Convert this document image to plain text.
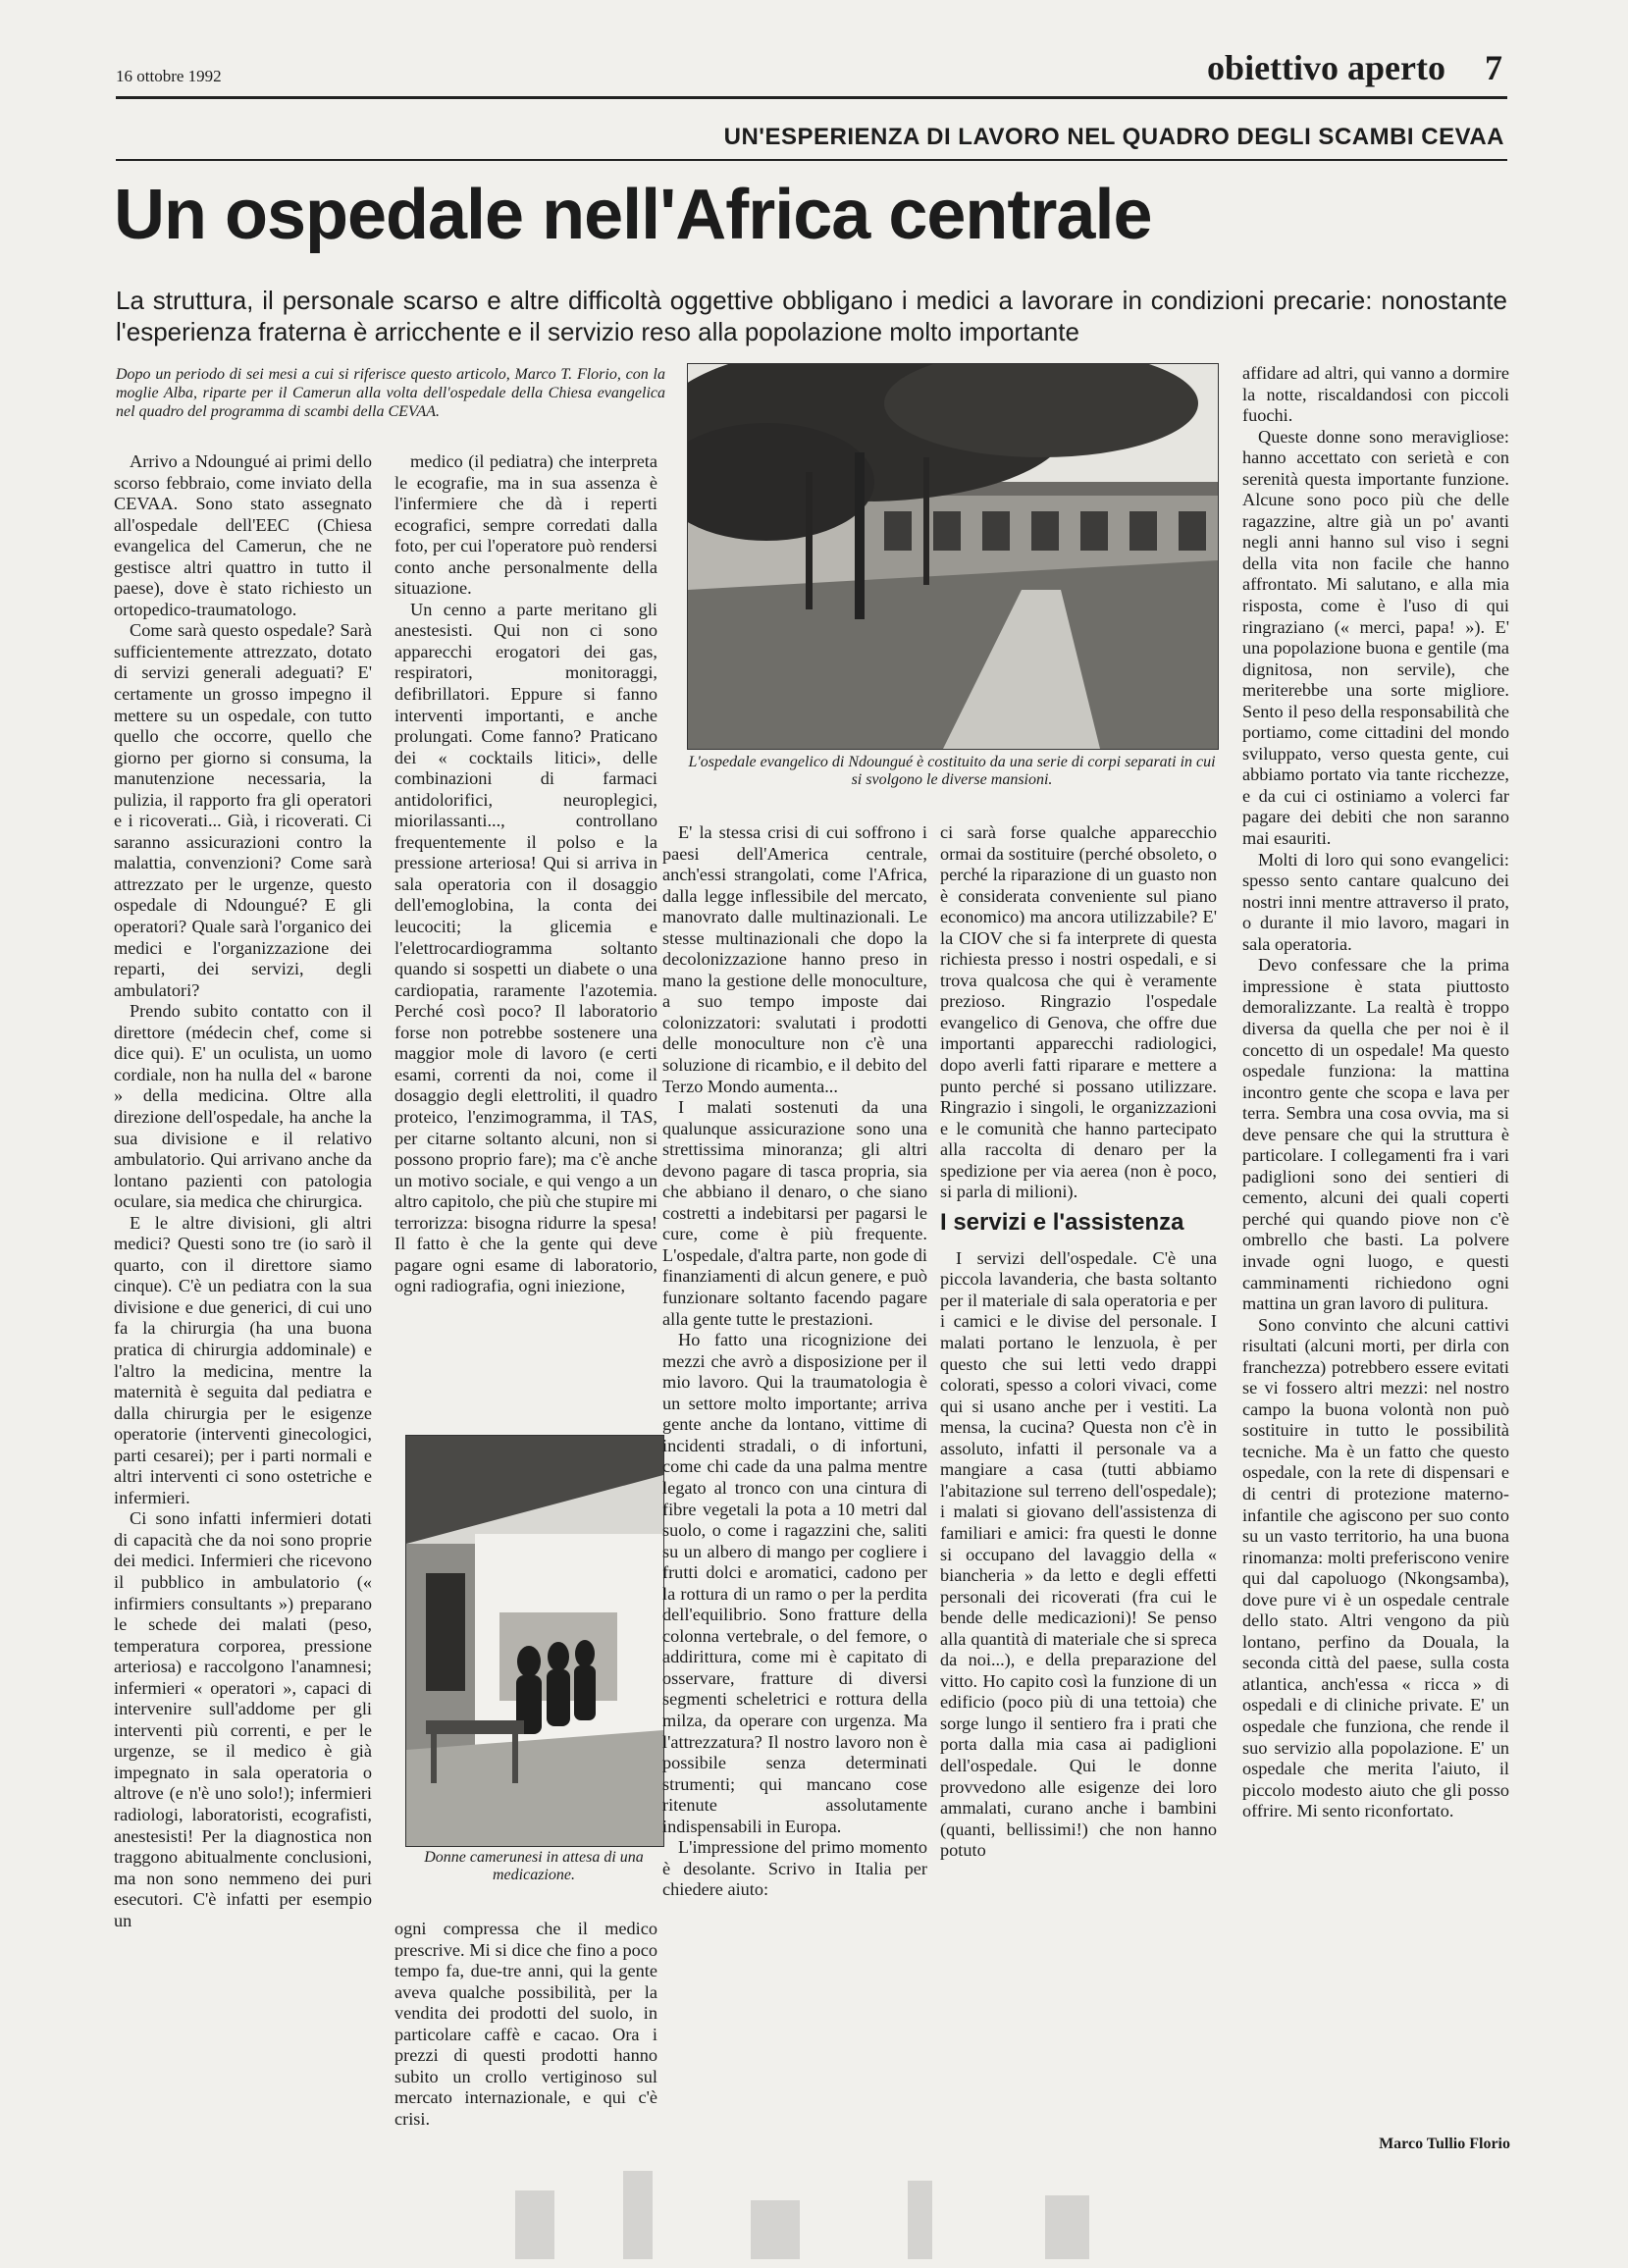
16 ottobre 1992	obiettivo aperto 7
UN'ESPERIENZA DI LAVORO NEL QUADRO DEGLI SCAMBI CEVAA
Un ospedale nell'Africa centrale
La struttura, il personale scarso e altre difficoltà oggettive obbligano i medici a lavorare in condizioni precarie: nonostante l'esperienza fraterna è arricchente e il servizio reso alla popolazione molto importante
Dopo un periodo di sei mesi a cui si riferisce questo articolo, Marco T. Florio, con la moglie Alba, riparte per il Camerun alla volta dell'ospedale della Chiesa evangelica nel quadro del programma di scambi della CEVAA.

Arrivo a Ndoungué ai primi dello scorso febbraio, come inviato della CEVAA. Sono stato assegnato all'ospedale dell'EEC (Chiesa evangelica del Camerun, che ne gestisce altri quattro in tutto il paese), dove è stato richiesto un ortopedico-traumatologo.

Come sarà questo ospedale? Sarà sufficientemente attrezzato, dotato di servizi generali adeguati? E' certamente un grosso impegno il mettere su un ospedale, con tutto quello che occorre, quello che giorno per giorno si consuma, la manutenzione necessaria, la pulizia, il rapporto fra gli operatori e i ricoverati... Già, i ricoverati. Ci saranno assicurazioni contro la malattia, convenzioni? Come sarà attrezzato per le urgenze, questo ospedale di Ndoungué? E gli operatori? Quale sarà l'organico dei medici e l'organizzazione dei reparti, dei servizi, degli ambulatori?

Prendo subito contatto con il direttore (médecin chef, come si dice qui). E' un oculista, un uomo cordiale, non ha nulla del « barone » della medicina. Oltre alla direzione dell'ospedale, ha anche la sua divisione e il relativo ambulatorio. Qui arrivano anche da lontano pazienti con patologia oculare, sia medica che chirurgica.

E le altre divisioni, gli altri medici? Questi sono tre (io sarò il quarto, con il direttore siamo cinque). C'è un pediatra con la sua divisione e due generici, di cui uno fa la chirurgia (ha una buona pratica di chirurgia addominale) e l'altro la medicina, mentre la maternità è seguita dal pediatra e dalla chirurgia per le esigenze operatorie (interventi ginecologici, parti cesarei); per i parti normali e altri interventi ci sono ostetriche e infermieri.

Ci sono infatti infermieri dotati di capacità che da noi sono proprie dei medici. Infermieri che ricevono il pubblico in ambulatorio (« infirmiers consultants ») preparano le schede dei malati (peso, temperatura corporea, pressione arteriosa) e raccolgono l'anamnesi; infermieri « operatori », capaci di intervenire sull'addome per gli interventi più correnti, e per le urgenze, se il medico è già impegnato in sala operatoria o altrove (e n'è uno solo!); infermieri radiologi, laboratoristi, ecografisti, anestesisti! Per la diagnostica non traggono abitualmente conclusioni, ma non sono nemmeno dei puri esecutori. C'è infatti per esempio un

medico (il pediatra) che interpreta le ecografie, ma in sua assenza è l'infermiere che dà i reperti ecografici, sempre corredati dalla foto, per cui l'operatore può rendersi conto anche personalmente della situazione.

Un cenno a parte meritano gli anestesisti. Qui non ci sono apparecchi erogatori dei gas, respiratori, monitoraggi, defibrillatori. Eppure si fanno interventi importanti, e anche prolungati. Come fanno? Praticano dei « cocktails litici», delle combinazioni di farmaci antidolorifici, neuroplegici, miorilassanti..., controllano frequentemente il polso e la pressione arteriosa! Qui si arriva in sala operatoria con il dosaggio dell'emoglobina, la conta dei leucociti; la glicemia e l'elettrocardiogramma soltanto quando si sospetti un diabete o una cardiopatia, raramente l'azotemia. Perché così poco? Il laboratorio forse non potrebbe sostenere una maggior mole di lavoro (e certi esami, correnti da noi, come il dosaggio degli elettroliti, il quadro proteico, l'enzimogramma, il TAS, per citarne soltanto alcuni, non si possono proprio fare); ma c'è anche un motivo sociale, e qui vengo a un altro capitolo, che più che stupire mi terrorizza: bisogna ridurre la spesa! Il fatto è che la gente qui deve pagare ogni esame di laboratorio, ogni radiografia, ogni iniezione,

L'ospedale evangelico di Ndoungué è costituito da una serie di corpi separati in cui si svolgono le diverse mansioni.
Donne camerunesi in attesa di una medicazione.

ogni compressa che il medico prescrive. Mi si dice che fino a poco tempo fa, due-tre anni, qui la gente aveva qualche possibilità, per la vendita dei prodotti del suolo, in particolare caffè e cacao. Ora i prezzi di questi prodotti hanno subito un crollo vertiginoso sul mercato internazionale, e qui c'è crisi.

E' la stessa crisi di cui soffrono i paesi dell'America centrale, anch'essi strangolati, come l'Africa, dalla legge inflessibile del mercato, manovrato dalle multinazionali. Le stesse multinazionali che dopo la decolonizzazione hanno preso in mano la gestione delle monoculture, a suo tempo imposte dai colonizzatori: svalutati i prodotti delle monoculture non c'è una soluzione di ricambio, e il debito del Terzo Mondo aumenta...

I malati sostenuti da una qualunque assicurazione sono una strettissima minoranza; gli altri devono pagare di tasca propria, sia che abbiano il denaro, o che siano costretti a indebitarsi per pagarsi le cure, come è più frequente. L'ospedale, d'altra parte, non gode di finanziamenti di alcun genere, e può funzionare soltanto facendo pagare alla gente tutte le prestazioni.

Ho fatto una ricognizione dei mezzi che avrò a disposizione per il mio lavoro. Qui la traumatologia è un settore molto importante; arriva gente anche da lontano, vittime di incidenti stradali, o di infortuni, come chi cade da una palma mentre legato al tronco con una cintura di fibre vegetali la pota a 10 metri dal suolo, o come i ragazzini che, saliti su un albero di mango per cogliere i frutti dolci e aromatici, cadono per la rottura di un ramo o per la perdita dell'equilibrio. Sono fratture della colonna vertebrale, o del femore, o addirittura, come mi è capitato di osservare, fratture di diversi segmenti scheletrici e rottura della milza, da operare con urgenza. Ma l'attrezzatura? Il nostro lavoro non è possibile senza determinati strumenti; qui mancano cose ritenute assolutamente indispensabili in Europa.

L'impressione del primo momento è desolante. Scrivo in Italia per chiedere aiuto:

ci sarà forse qualche apparecchio ormai da sostituire (perché obsoleto, o perché la riparazione di un guasto non è considerata conveniente sul piano economico) ma ancora utilizzabile? E' la CIOV che si fa interprete di questa richiesta presso i nostri ospedali, e si trova qualcosa che qui è veramente prezioso. Ringrazio l'ospedale evangelico di Genova, che offre due importanti apparecchi radiologici, dopo averli fatti riparare e mettere a punto perché si possano utilizzare. Ringrazio i singoli, le organizzazioni e le comunità che hanno partecipato alla raccolta di denaro per la spedizione per via aerea (non è poco, si parla di milioni).

I servizi e l'assistenza

I servizi dell'ospedale. C'è una piccola lavanderia, che basta soltanto per il materiale di sala operatoria e per i camici e le divise del personale. I malati portano le lenzuola, è per questo che sui letti vedo drappi colorati, spesso a colori vivaci, come qui si usano anche per i vestiti. La mensa, la cucina? Questa non c'è in assoluto, infatti il personale va a mangiare a casa (tutti abbiamo l'abitazione sul terreno dell'ospedale); i malati si giovano dell'assistenza di familiari e amici: fra questi le donne si occupano del lavaggio della « biancheria » da letto e degli effetti personali dei ricoverati (fra cui le bende delle medicazioni)! Se penso alla quantità di materiale che si spreca da noi...), e della preparazione del vitto. Ho capito così la funzione di un edificio (poco più di una tettoia) che sorge lungo il sentiero fra i prati che porta dalla mia casa ai padiglioni dell'ospedale. Qui le donne provvedono alle esigenze dei loro ammalati, curano anche i bambini (quanti, bellissimi!) che non hanno potuto

affidare ad altri, qui vanno a dormire la notte, riscaldandosi con piccoli fuochi.

Queste donne sono meravigliose: hanno accettato con serietà e con serenità questa importante funzione. Alcune sono poco più che delle ragazzine, altre già un po' avanti negli anni hanno sul viso i segni della vita non facile che hanno affrontato. Mi salutano, e alla mia risposta, come è l'uso di qui ringraziano (« merci, papa! »). E' una popolazione buona e gentile (ma dignitosa, non servile), che meriterebbe una sorte migliore. Sento il peso della responsabilità che portiamo, come cittadini del mondo sviluppato, verso questa gente, cui abbiamo portato via tante ricchezze, e da cui ci ostiniamo a volerci far pagare dei debiti che non saranno mai esauriti.

Molti di loro qui sono evangelici: spesso sento cantare qualcuno dei nostri inni mentre attraverso il prato, o durante il mio lavoro, magari in sala operatoria.

Devo confessare che la prima impressione è stata piuttosto demoralizzante. La realtà è troppo diversa da quella che per noi è il concetto di un ospedale! Ma questo ospedale funziona: la mattina incontro gente che scopa e lava per terra. Sembra una cosa ovvia, ma si deve pensare che qui la struttura è particolare. I collegamenti fra i vari padiglioni sono dei sentieri di cemento, alcuni dei quali coperti perché qui quando piove non c'è ombrello che basti. La polvere invade ogni luogo, e questi camminamenti richiedono ogni mattina un gran lavoro di pulitura.

Sono convinto che alcuni cattivi risultati (alcuni morti, per dirla con franchezza) potrebbero essere evitati se vi fossero altri mezzi: nel nostro campo la buona volontà non può sostituire in tutto le possibilità tecniche. Ma è un fatto che questo ospedale, con la rete di dispensari e di centri di protezione materno-infantile che agiscono per suo conto su un vasto territorio, ha una buona rinomanza: molti preferiscono venire qui dal capoluogo (Nkongsamba), dove pure vi è un ospedale centrale dello stato. Altri vengono da più lontano, perfino da Douala, la seconda città del paese, sulla costa atlantica, anch'essa « ricca » di ospedali e di cliniche private. E' un ospedale che funziona, che rende il suo servizio alla popolazione. E' un ospedale che merita l'aiuto, il piccolo modesto aiuto che gli posso offrire. Mi sento riconfortato.

Marco Tullio Florio
